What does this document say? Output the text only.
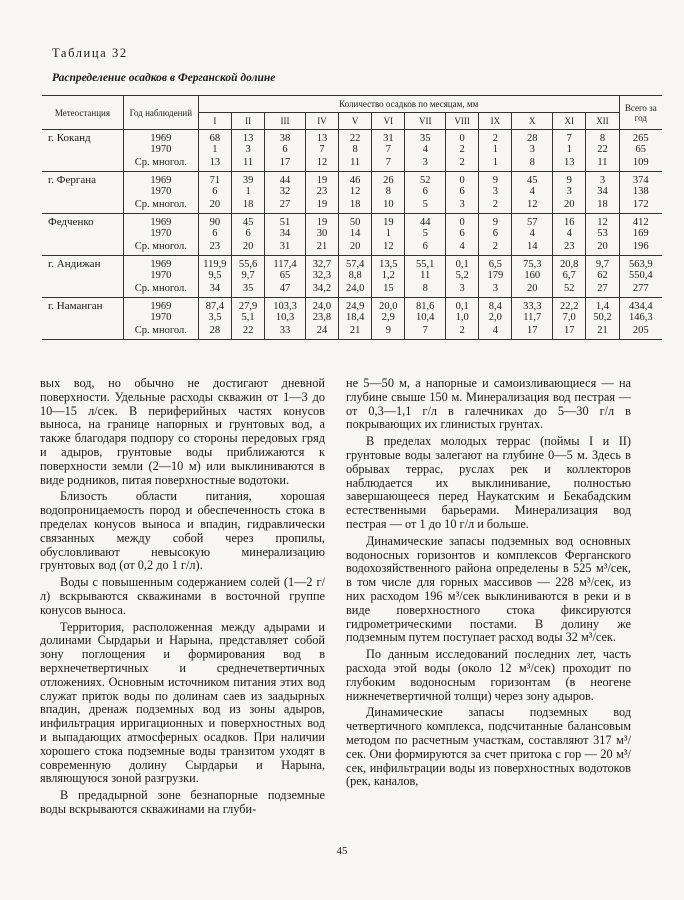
Таблица 32
Распределение осадков в Ферганской долине
Метеостанция	Год наблюдений	Количество осадков по месяцам, мм												Всего за год
		I	II	III	IV	V	VI	VII	VIII	IX	X	XI	XII	
г. Коканд	1969	68	13	38	13	22	31	35	0	2	28	7	8	265
	1970	1	3	6	7	8	7	4	2	1	3	1	22	65
	Ср. многол.	13	11	17	12	11	7	3	2	1	8	13	11	109
г. Фергана	1969	71	39	44	19	46	26	52	0	9	45	9	3	374
	1970	6	1	32	23	12	8	6	6	3	4	3	34	138
	Ср. многол.	20	18	27	19	18	10	5	3	2	12	20	18	172
Федченко	1969	90	45	51	19	50	19	44	0	9	57	16	12	412
	1970	6	6	34	30	14	1	5	6	6	4	4	53	169
	Ср. многол.	23	20	31	21	20	12	6	4	2	14	23	20	196
г. Андижан	1969	119,9	55,6	117,4	32,7	57,4	13,5	55,1	0,1	6,5	75,3	20,8	9,7	563,9
	1970	9,5	9,7	65	32,3	8,8	1,2	11	5,2	179	160	6,7	62	550,4
	Ср. многол.	34	35	47	34,2	24,0	15	8	3	3	20	52	27	277
г. Наманган	1969	87,4	27,9	103,3	24,0	24,9	20,0	81,6	0,1	8,4	33,3	22,2	1,4	434,4
	1970	3,5	5,1	10,3	23,8	18,4	2,9	10,4	1,0	2,0	11,7	7,0	50,2	146,3
	Ср. многол.	28	22	33	24	21	9	7	2	4	17	17	21	205

вых вод, но обычно не достигают дневной поверхности. Удельные расходы скважин от 1—3 до 10—15 л/сек. В периферийных частях конусов выноса, на границе напорных и грунтовых вод, а также благодаря подпору со стороны передовых гряд и адыров, грунтовые воды приближаются к поверхности земли (2—10 м) или выклиниваются в виде родников, питая поверхностные водотоки.

Близость области питания, хорошая водопроницаемость пород и обеспеченность стока в пределах конусов выноса и впадин, гидравлически связанных между собой через пропилы, обусловливают невысокую минерализацию грунтовых вод (от 0,2 до 1 г/л).

Воды с повышенным содержанием солей (1—2 г/л) вскрываются скважинами в восточной группе конусов выноса.

Территория, расположенная между адырами и долинами Сырдарьи и Нарына, представляет собой зону поглощения и формирования вод в верхнечетвертичных и среднечетвертичных отложениях. Основным источником питания этих вод служат приток воды по долинам саев из заадырных впадин, дренаж подземных вод из зоны адыров, инфильтрация ирригационных и поверхностных вод и выпадающих атмосферных осадков. При наличии хорошего стока подземные воды транзитом уходят в современную долину Сырдарьи и Нарына, являющуюся зоной разгрузки.

В предадырной зоне безнапорные подземные воды вскрываются скважинами на глуби-

не 5—50 м, а напорные и самоизливающиеся — на глубине свыше 150 м. Минерализация вод пестрая — от 0,3—1,1 г/л в галечниках до 5—30 г/л в покрывающих их глинистых грунтах.

В пределах молодых террас (поймы I и II) грунтовые воды залегают на глубине 0—5 м. Здесь в обрывах террас, руслах рек и коллекторов наблюдается их выклинивание, полностью завершающееся перед Наукатским и Бекабадским естественными барьерами. Минерализация вод пестрая — от 1 до 10 г/л и больше.

Динамические запасы подземных вод основных водоносных горизонтов и комплексов Ферганского водохозяйственного района определены в 525 м³/сек, в том числе для горных массивов — 228 м³/сек, из них расходом 196 м³/сек выклиниваются в реки и в виде поверхностного стока фиксируются гидрометрическими постами. В долину же подземным путем поступает расход воды 32 м³/сек.

По данным исследований последних лет, часть расхода этой воды (около 12 м³/сек) проходит по глубоким водоносным горизонтам (в неогене нижнечетвертичной толщи) через зону адыров.

Динамические запасы подземных вод четвертичного комплекса, подсчитанные балансовым методом по расчетным участкам, составляют 317 м³/сек. Они формируются за счет притока с гор — 20 м³/сек, инфильтрации воды из поверхностных водотоков (рек, каналов,

45
